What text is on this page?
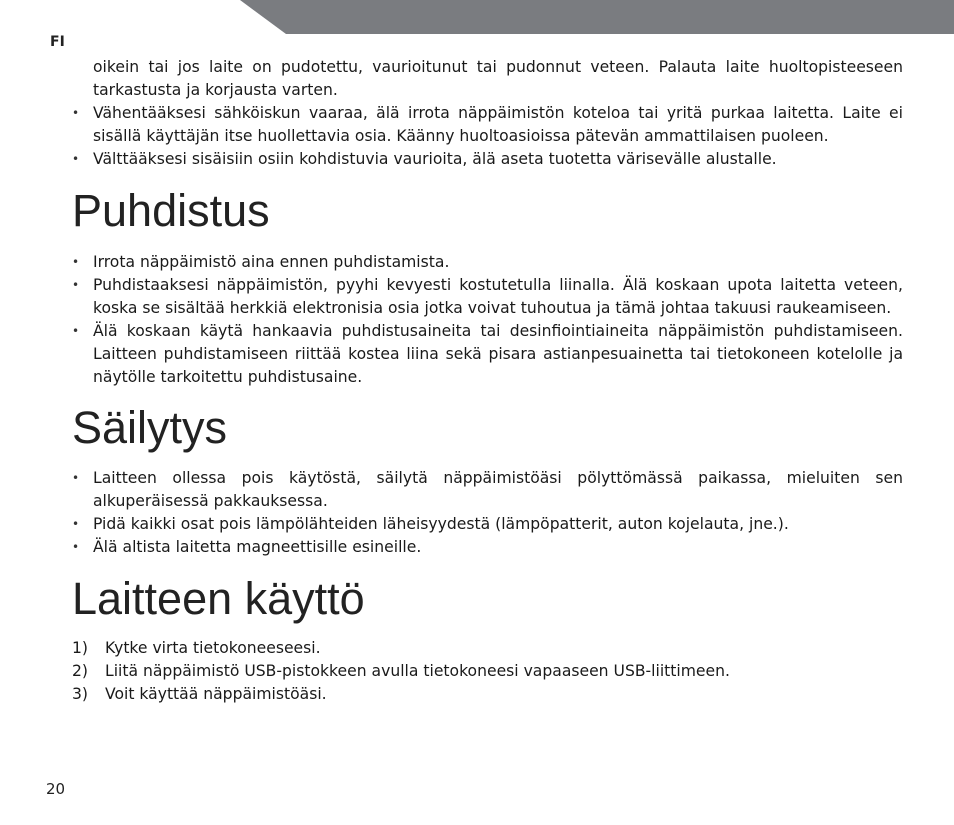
FI
oikein tai jos laite on pudotettu, vaurioitunut tai pudonnut veteen. Palauta laite huoltopisteeseen tarkastusta ja korjausta varten.
• Vähentääksesi sähköiskun vaaraa, älä irrota näppäimistön koteloa tai yritä purkaa laitetta. Laite ei sisällä käyttäjän itse huollettavia osia. Käänny huoltoasioissa pätevän ammattilaisen puoleen.
• Välttääksesi sisäisiin osiin kohdistuvia vaurioita, älä aseta tuotetta värisevälle alustalle.
Puhdistus
• Irrota näppäimistö aina ennen puhdistamista.
• Puhdistaaksesi näppäimistön, pyyhi kevyesti kostutetulla liinalla. Älä koskaan upota laitetta veteen, koska se sisältää herkkiä elektronisia osia jotka voivat tuhoutua ja tämä johtaa takuusi raukeamiseen.
• Älä koskaan käytä hankaavia puhdistusaineita tai desinfiointiaineita näppäimistön puhdistamiseen. Laitteen puhdistamiseen riittää kostea liina sekä pisara astianpesuainetta tai tietokoneen kotelolle ja näytölle tarkoitettu puhdistusaine.
Säilytys
• Laitteen ollessa pois käytöstä, säilytä näppäimistöäsi pölyttömässä paikassa, mieluiten sen alkuperäisessä pakkauksessa.
• Pidä kaikki osat pois lämpölähteiden läheisyydestä (lämpöpatterit, auton kojelauta, jne.).
• Älä altista laitetta magneettisille esineille.
Laitteen käyttö
1) Kytke virta tietokoneeseesi.
2) Liitä näppäimistö USB-pistokkeen avulla tietokoneesi vapaaseen USB-liittimeen.
3) Voit käyttää näppäimistöäsi.
20
